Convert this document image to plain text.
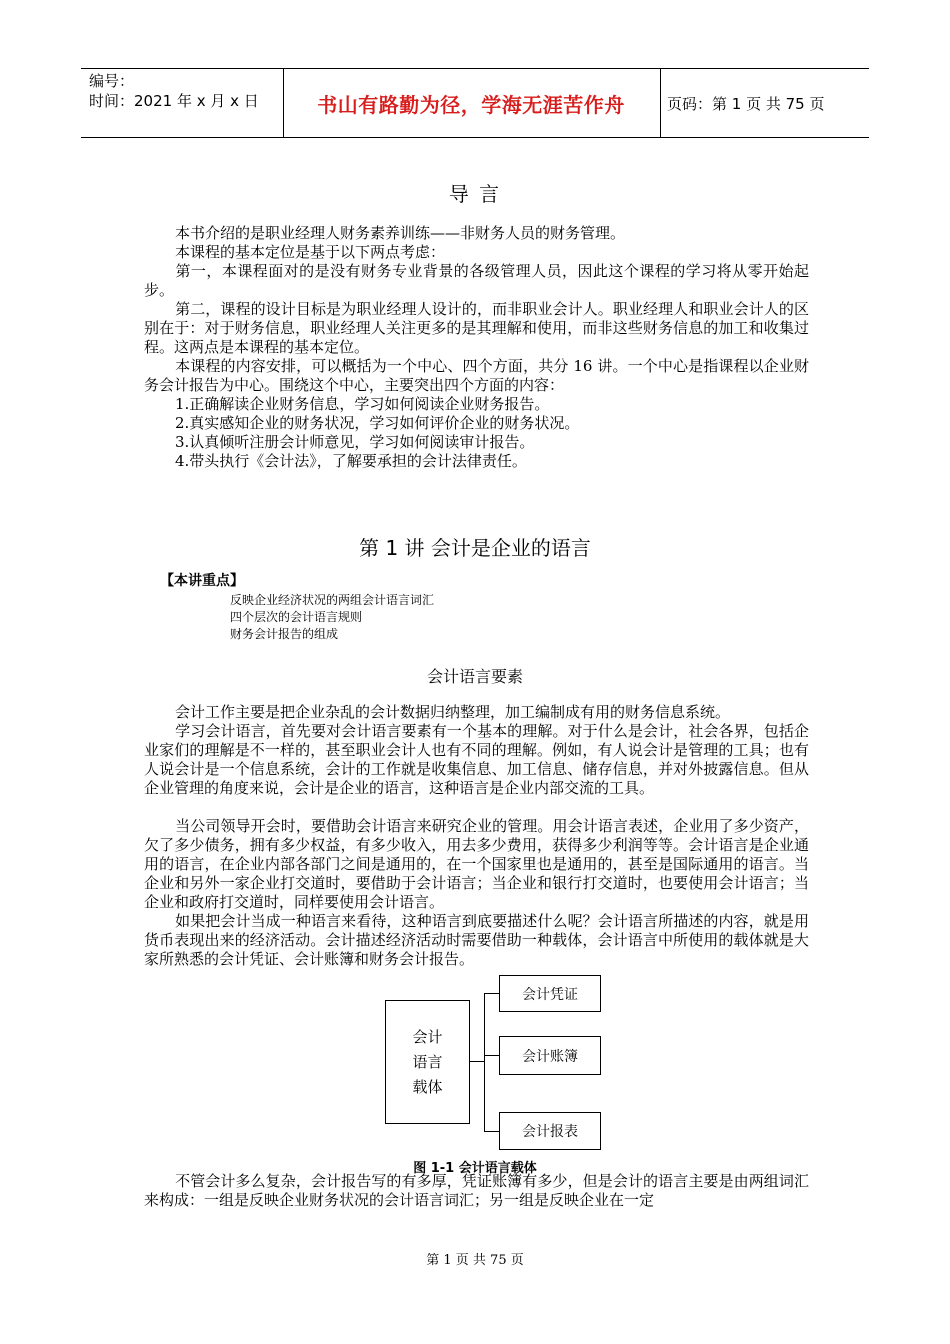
编号：
时间：2021 年 x 月 x 日	书山有路勤为径，学海无涯苦作舟	页码：第 1 页 共 75 页
导 言
本书介绍的是职业经理人财务素养训练——非财务人员的财务管理。
本课程的基本定位是基于以下两点考虑：
第一，本课程面对的是没有财务专业背景的各级管理人员，因此这个课程的学习将从零开始起步。
第二，课程的设计目标是为职业经理人设计的，而非职业会计人。职业经理人和职业会计人的区别在于：对于财务信息，职业经理人关注更多的是其理解和使用，而非这些财务信息的加工和收集过程。这两点是本课程的基本定位。
本课程的内容安排，可以概括为一个中心、四个方面，共分 16 讲。一个中心是指课程以企业财务会计报告为中心。围绕这个中心，主要突出四个方面的内容：
1.正确解读企业财务信息，学习如何阅读企业财务报告。
2.真实感知企业的财务状况，学习如何评价企业的财务状况。
3.认真倾听注册会计师意见，学习如何阅读审计报告。
4.带头执行《会计法》，了解要承担的会计法律责任。
第 1 讲 会计是企业的语言
【本讲重点】
反映企业经济状况的两组会计语言词汇
四个层次的会计语言规则
财务会计报告的组成
会计语言要素
会计工作主要是把企业杂乱的会计数据归纳整理，加工编制成有用的财务信息系统。
学习会计语言，首先要对会计语言要素有一个基本的理解。对于什么是会计，社会各界，包括企业家们的理解是不一样的，甚至职业会计人也有不同的理解。例如，有人说会计是管理的工具；也有人说会计是一个信息系统，会计的工作就是收集信息、加工信息、储存信息，并对外披露信息。但从企业管理的角度来说，会计是企业的语言，这种语言是企业内部交流的工具。
当公司领导开会时，要借助会计语言来研究企业的管理。用会计语言表述，企业用了多少资产，欠了多少债务，拥有多少权益，有多少收入，用去多少费用，获得多少利润等等。会计语言是企业通用的语言，在企业内部各部门之间是通用的，在一个国家里也是通用的，甚至是国际通用的语言。当企业和另外一家企业打交道时，要借助于会计语言；当企业和银行打交道时，也要使用会计语言；当企业和政府打交道时，同样要使用会计语言。
如果把会计当成一种语言来看待，这种语言到底要描述什么呢？会计语言所描述的内容，就是用货币表现出来的经济活动。会计描述经济活动时需要借助一种载体，会计语言中所使用的载体就是大家所熟悉的会计凭证、会计账簿和财务会计报告。
会计
语言
载体
会计凭证
会计账簿
会计报表
图 1-1 会计语言载体
不管会计多么复杂，会计报告写的有多厚，凭证账簿有多少，但是会计的语言主要是由两组词汇来构成：一组是反映企业财务状况的会计语言词汇；另一组是反映企业在一定
第 1 页 共 75 页
